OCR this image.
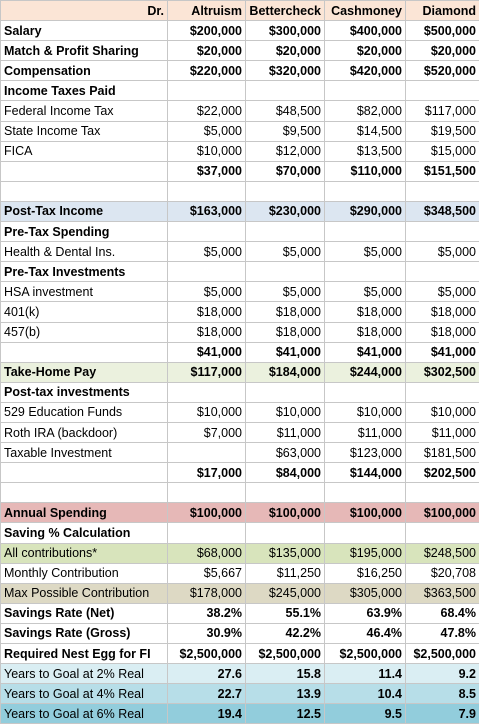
Dr.	Altruism	Bettercheck	Cashmoney	Diamond
Salary	$200,000	$300,000	$400,000	$500,000
Match & Profit Sharing	$20,000	$20,000	$20,000	$20,000
Compensation	$220,000	$320,000	$420,000	$520,000
Income Taxes Paid				
Federal Income Tax	$22,000	$48,500	$82,000	$117,000
State Income Tax	$5,000	$9,500	$14,500	$19,500
FICA	$10,000	$12,000	$13,500	$15,000
	$37,000	$70,000	$110,000	$151,500

Post-Tax Income	$163,000	$230,000	$290,000	$348,500
Pre-Tax Spending				
Health & Dental Ins.	$5,000	$5,000	$5,000	$5,000
Pre-Tax Investments				
HSA investment	$5,000	$5,000	$5,000	$5,000
401(k)	$18,000	$18,000	$18,000	$18,000
457(b)	$18,000	$18,000	$18,000	$18,000
	$41,000	$41,000	$41,000	$41,000
Take-Home Pay	$117,000	$184,000	$244,000	$302,500
Post-tax investments				
529 Education Funds	$10,000	$10,000	$10,000	$10,000
Roth IRA (backdoor)	$7,000	$11,000	$11,000	$11,000
Taxable Investment		$63,000	$123,000	$181,500
	$17,000	$84,000	$144,000	$202,500

Annual Spending	$100,000	$100,000	$100,000	$100,000
Saving % Calculation				
All contributions*	$68,000	$135,000	$195,000	$248,500
Monthly Contribution	$5,667	$11,250	$16,250	$20,708
Max Possible Contribution	$178,000	$245,000	$305,000	$363,500
Savings Rate (Net)	38.2%	55.1%	63.9%	68.4%
Savings Rate (Gross)	30.9%	42.2%	46.4%	47.8%
Required Nest Egg for FI	$2,500,000	$2,500,000	$2,500,000	$2,500,000
Years to Goal at 2% Real	27.6	15.8	11.4	9.2
Years to Goal at 4% Real	22.7	13.9	10.4	8.5
Years to Goal at 6% Real	19.4	12.5	9.5	7.9
